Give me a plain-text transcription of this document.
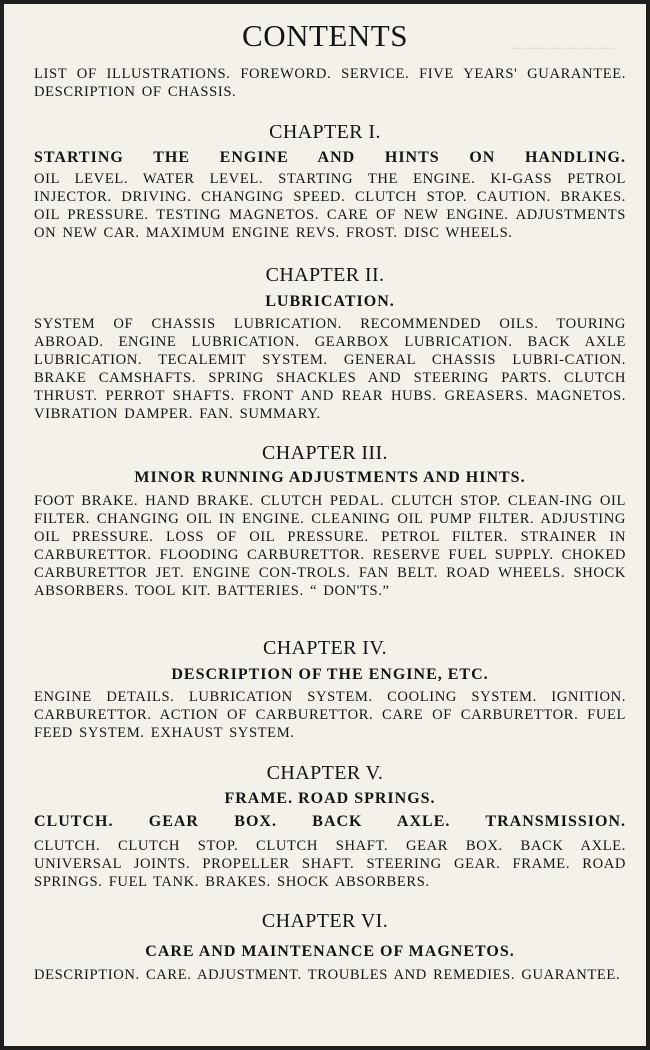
──────
CONTENTS
LIST OF ILLUSTRATIONS. FOREWORD. SERVICE. FIVE YEARS' GUARANTEE. DESCRIPTION OF CHASSIS.
CHAPTER I.
STARTING THE ENGINE AND HINTS ON HANDLING.
OIL LEVEL. WATER LEVEL. STARTING THE ENGINE. KI-GASS PETROL INJECTOR. DRIVING. CHANGING SPEED. CLUTCH STOP. CAUTION. BRAKES. OIL PRESSURE. TESTING MAGNETOS. CARE OF NEW ENGINE. ADJUSTMENTS ON NEW CAR. MAXIMUM ENGINE REVS. FROST. DISC WHEELS.
CHAPTER II.
LUBRICATION.
SYSTEM OF CHASSIS LUBRICATION. RECOMMENDED OILS. TOURING ABROAD. ENGINE LUBRICATION. GEARBOX LUBRICATION. BACK AXLE LUBRICATION. TECALEMIT SYSTEM. GENERAL CHASSIS LUBRI-CATION. BRAKE CAMSHAFTS. SPRING SHACKLES AND STEERING PARTS. CLUTCH THRUST. PERROT SHAFTS. FRONT AND REAR HUBS. GREASERS. MAGNETOS. VIBRATION DAMPER. FAN. SUMMARY.
CHAPTER III.
MINOR RUNNING ADJUSTMENTS AND HINTS.
FOOT BRAKE. HAND BRAKE. CLUTCH PEDAL. CLUTCH STOP. CLEAN-ING OIL FILTER. CHANGING OIL IN ENGINE. CLEANING OIL PUMP FILTER. ADJUSTING OIL PRESSURE. LOSS OF OIL PRESSURE. PETROL FILTER. STRAINER IN CARBURETTOR. FLOODING CARBURETTOR. RESERVE FUEL SUPPLY. CHOKED CARBURETTOR JET. ENGINE CON-TROLS. FAN BELT. ROAD WHEELS. SHOCK ABSORBERS. TOOL KIT. BATTERIES. “ DON'TS.”
CHAPTER IV.
DESCRIPTION OF THE ENGINE, ETC.
ENGINE DETAILS. LUBRICATION SYSTEM. COOLING SYSTEM. IGNITION. CARBURETTOR. ACTION OF CARBURETTOR. CARE OF CARBURETTOR. FUEL FEED SYSTEM. EXHAUST SYSTEM.
CHAPTER V.
FRAME. ROAD SPRINGS.
CLUTCH. GEAR BOX. BACK AXLE. TRANSMISSION.
CLUTCH. CLUTCH STOP. CLUTCH SHAFT. GEAR BOX. BACK AXLE. UNIVERSAL JOINTS. PROPELLER SHAFT. STEERING GEAR. FRAME. ROAD SPRINGS. FUEL TANK. BRAKES. SHOCK ABSORBERS.
CHAPTER VI.
CARE AND MAINTENANCE OF MAGNETOS.
DESCRIPTION. CARE. ADJUSTMENT. TROUBLES AND REMEDIES. GUARANTEE.
